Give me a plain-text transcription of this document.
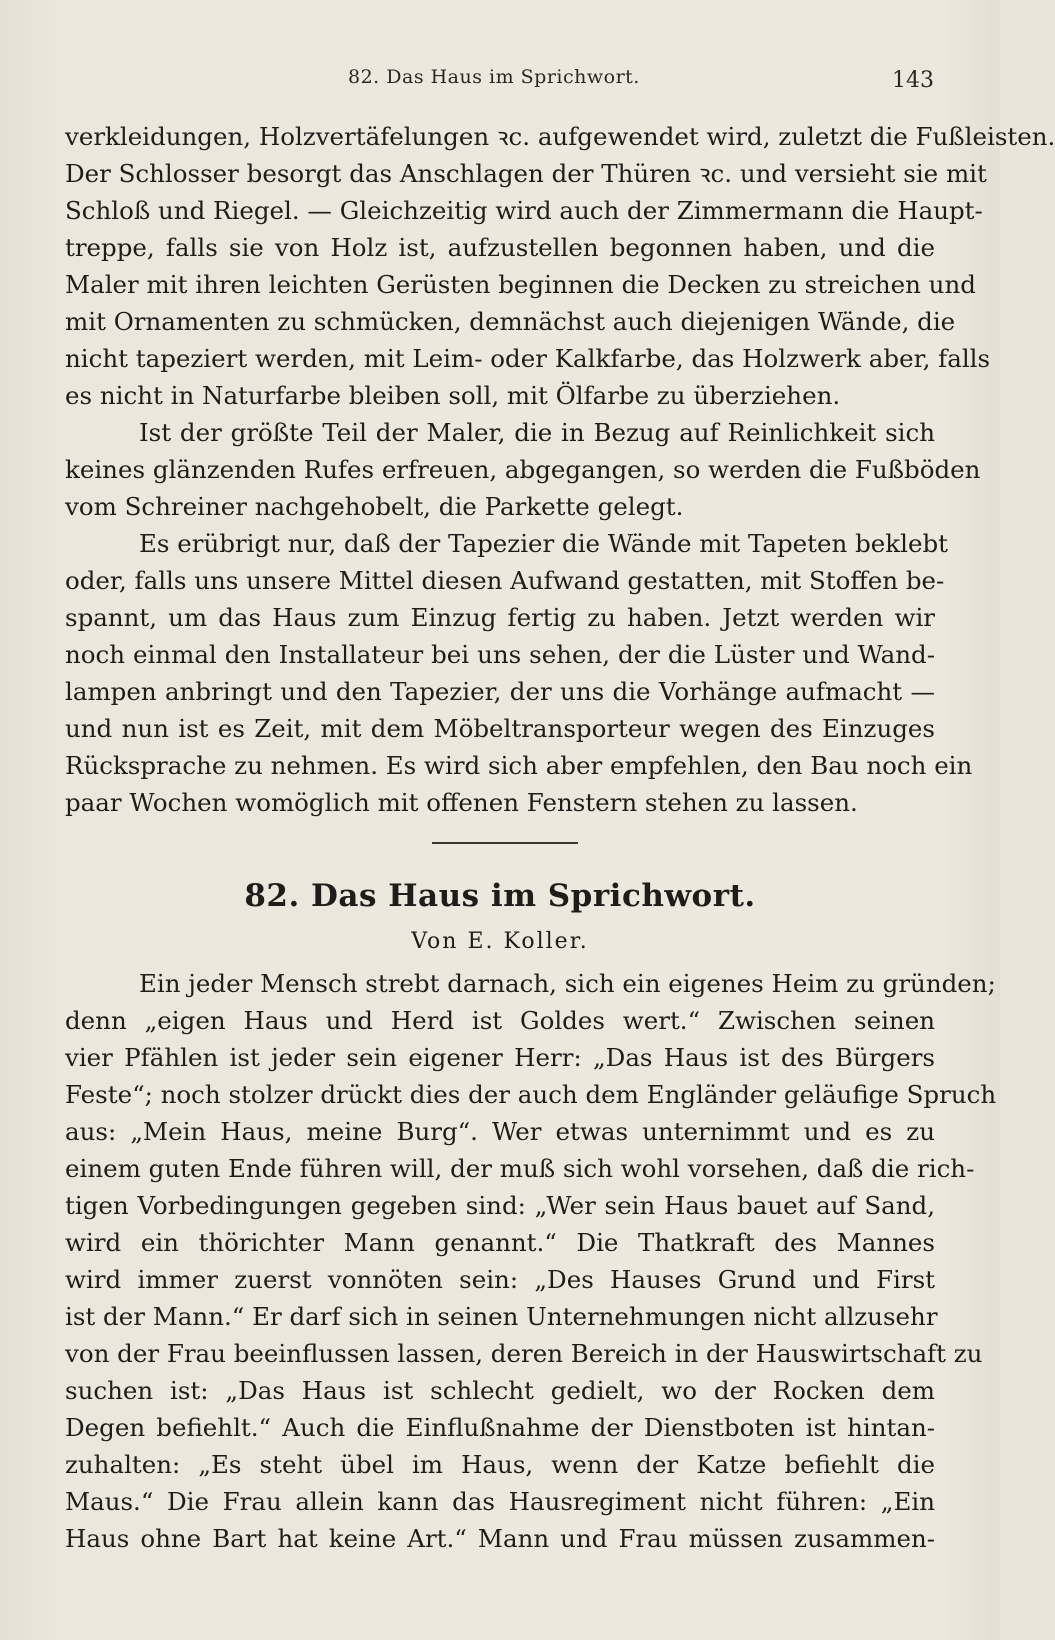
82. Das Haus im Sprichwort.	143
verkleidungen, Holzvertäfelungen ꝛc. aufgewendet wird, zuletzt die Fußleisten.
Der Schlosser besorgt das Anschlagen der Thüren ꝛc. und versieht sie mit
Schloß und Riegel. — Gleichzeitig wird auch der Zimmermann die Haupt-
treppe, falls sie von Holz ist, aufzustellen begonnen haben, und die
Maler mit ihren leichten Gerüsten beginnen die Decken zu streichen und
mit Ornamenten zu schmücken, demnächst auch diejenigen Wände, die
nicht tapeziert werden, mit Leim- oder Kalkfarbe, das Holzwerk aber, falls
es nicht in Naturfarbe bleiben soll, mit Ölfarbe zu überziehen.
Ist der größte Teil der Maler, die in Bezug auf Reinlichkeit sich
keines glänzenden Rufes erfreuen, abgegangen, so werden die Fußböden
vom Schreiner nachgehobelt, die Parkette gelegt.
Es erübrigt nur, daß der Tapezier die Wände mit Tapeten beklebt
oder, falls uns unsere Mittel diesen Aufwand gestatten, mit Stoffen be-
spannt, um das Haus zum Einzug fertig zu haben. Jetzt werden wir
noch einmal den Installateur bei uns sehen, der die Lüster und Wand-
lampen anbringt und den Tapezier, der uns die Vorhänge aufmacht —
und nun ist es Zeit, mit dem Möbeltransporteur wegen des Einzuges
Rücksprache zu nehmen. Es wird sich aber empfehlen, den Bau noch ein
paar Wochen womöglich mit offenen Fenstern stehen zu lassen.
82. Das Haus im Sprichwort.
Von E. Koller.
Ein jeder Mensch strebt darnach, sich ein eigenes Heim zu gründen;
denn „eigen Haus und Herd ist Goldes wert.“ Zwischen seinen
vier Pfählen ist jeder sein eigener Herr: „Das Haus ist des Bürgers
Feste“; noch stolzer drückt dies der auch dem Engländer geläufige Spruch
aus: „Mein Haus, meine Burg“. Wer etwas unternimmt und es zu
einem guten Ende führen will, der muß sich wohl vorsehen, daß die rich-
tigen Vorbedingungen gegeben sind: „Wer sein Haus bauet auf Sand,
wird ein thörichter Mann genannt.“ Die Thatkraft des Mannes
wird immer zuerst vonnöten sein: „Des Hauses Grund und First
ist der Mann.“ Er darf sich in seinen Unternehmungen nicht allzusehr
von der Frau beeinflussen lassen, deren Bereich in der Hauswirtschaft zu
suchen ist: „Das Haus ist schlecht gedielt, wo der Rocken dem
Degen befiehlt.“ Auch die Einflußnahme der Dienstboten ist hintan-
zuhalten: „Es steht übel im Haus, wenn der Katze befiehlt die
Maus.“ Die Frau allein kann das Hausregiment nicht führen: „Ein
Haus ohne Bart hat keine Art.“ Mann und Frau müssen zusammen-
